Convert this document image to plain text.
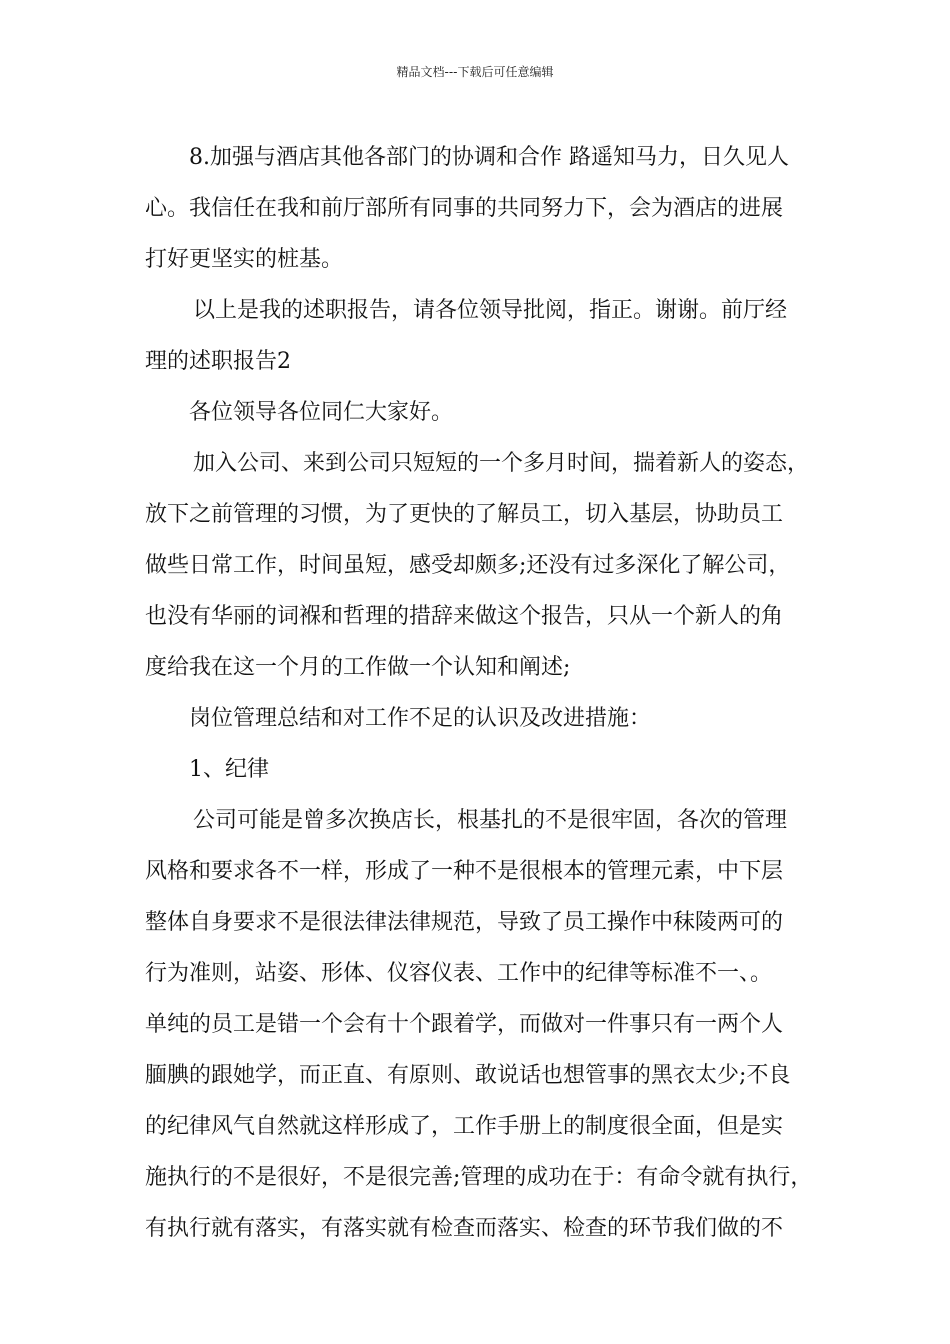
精品文档---下载后可任意编辑
8.加强与酒店其他各部门的协调和合作 路遥知马力，日久见人
心。我信任在我和前厅部所有同事的共同努力下，会为酒店的进展
打好更坚实的桩基。
以上是我的述职报告，请各位领导批阅，指正。谢谢。前厅经
理的述职报告2
各位领导各位同仁大家好。
加入公司、来到公司只短短的一个多月时间，揣着新人的姿态，
放下之前管理的习惯，为了更快的了解员工，切入基层，协助员工
做些日常工作，时间虽短，感受却颇多;还没有过多深化了解公司，
也没有华丽的词褓和哲理的措辞来做这个报告，只从一个新人的角
度给我在这一个月的工作做一个认知和阐述;
岗位管理总结和对工作不足的认识及改进措施：
1、纪律
公司可能是曾多次换店长，根基扎的不是很牢固，各次的管理
风格和要求各不一样，形成了一种不是很根本的管理元素，中下层
整体自身要求不是很法律法律规范，导致了员工操作中秣陵两可的
行为准则，站姿、形体、仪容仪表、工作中的纪律等标准不一、。
单纯的员工是错一个会有十个跟着学，而做对一件事只有一两个人
腼腆的跟她学，而正直、有原则、敢说话也想管事的黑衣太少;不良
的纪律风气自然就这样形成了，工作手册上的制度很全面，但是实
施执行的不是很好，不是很完善;管理的成功在于：有命令就有执行，
有执行就有落实，有落实就有检查而落实、检查的环节我们做的不
